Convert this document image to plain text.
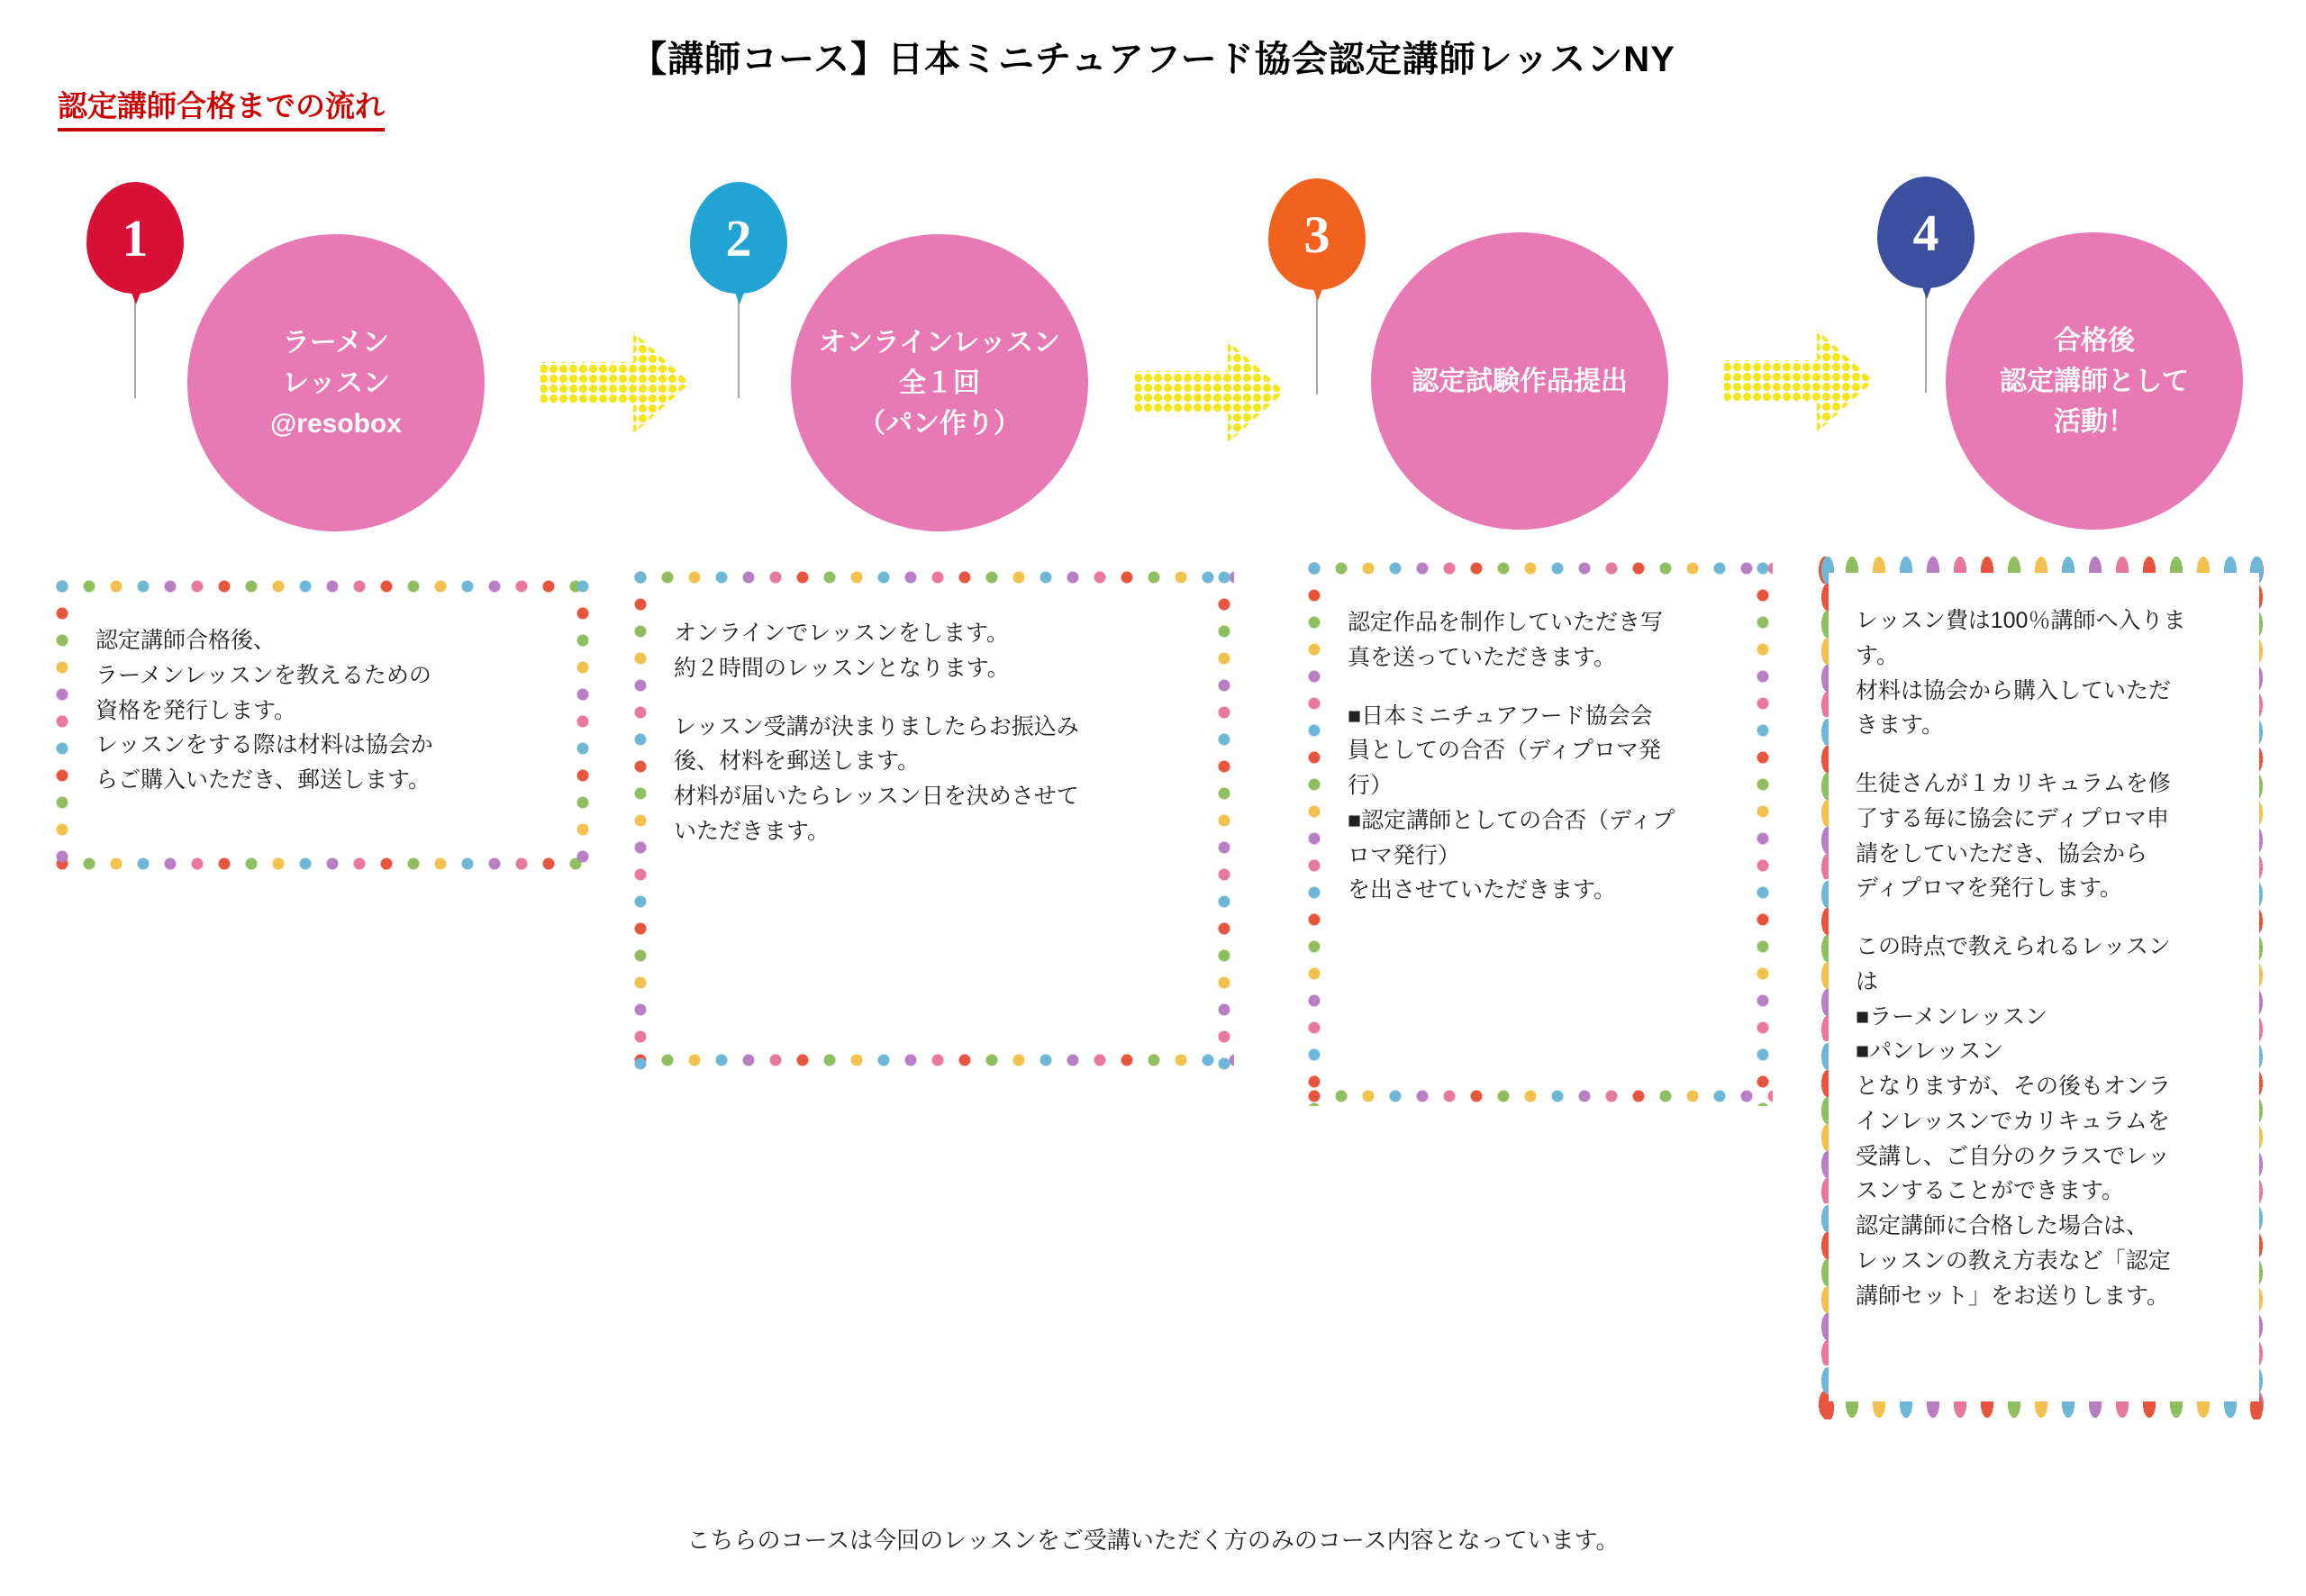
【講師コース】日本ミニチュアフード協会認定講師レッスンNY
認定講師合格までの流れ
ラーメン
レッスン
@resobox
1
オンラインレッスン
全１回
（パン作り）
2
認定試験作品提出
3
合格後
認定講師として
活動！
4

認定講師合格後、

ラーメンレッスンを教えるための

資格を発行します。

レッスンをする際は材料は協会か

らご購入いただき、郵送します。

オンラインでレッスンをします。

約２時間のレッスンとなります。

レッスン受講が決まりましたらお振込み

後、材料を郵送します。

材料が届いたらレッスン日を決めさせて

いただきます。

認定作品を制作していただき写

真を送っていただきます。

■日本ミニチュアフード協会会

員としての合否（ディプロマ発

行）

■認定講師としての合否（ディプ

ロマ発行）

を出させていただきます。

レッスン費は100％講師へ入りま

す。

材料は協会から購入していただ

きます。

生徒さんが１カリキュラムを修

了する毎に協会にディプロマ申

請をしていただき、協会から

ディプロマを発行します。

この時点で教えられるレッスン

は

■ラーメンレッスン

■パンレッスン

となりますが、その後もオンラ

インレッスンでカリキュラムを

受講し、ご自分のクラスでレッ

スンすることができます。

認定講師に合格した場合は、

レッスンの教え方表など「認定

講師セット」をお送りします。

こちらのコースは今回のレッスンをご受講いただく方のみのコース内容となっています。
